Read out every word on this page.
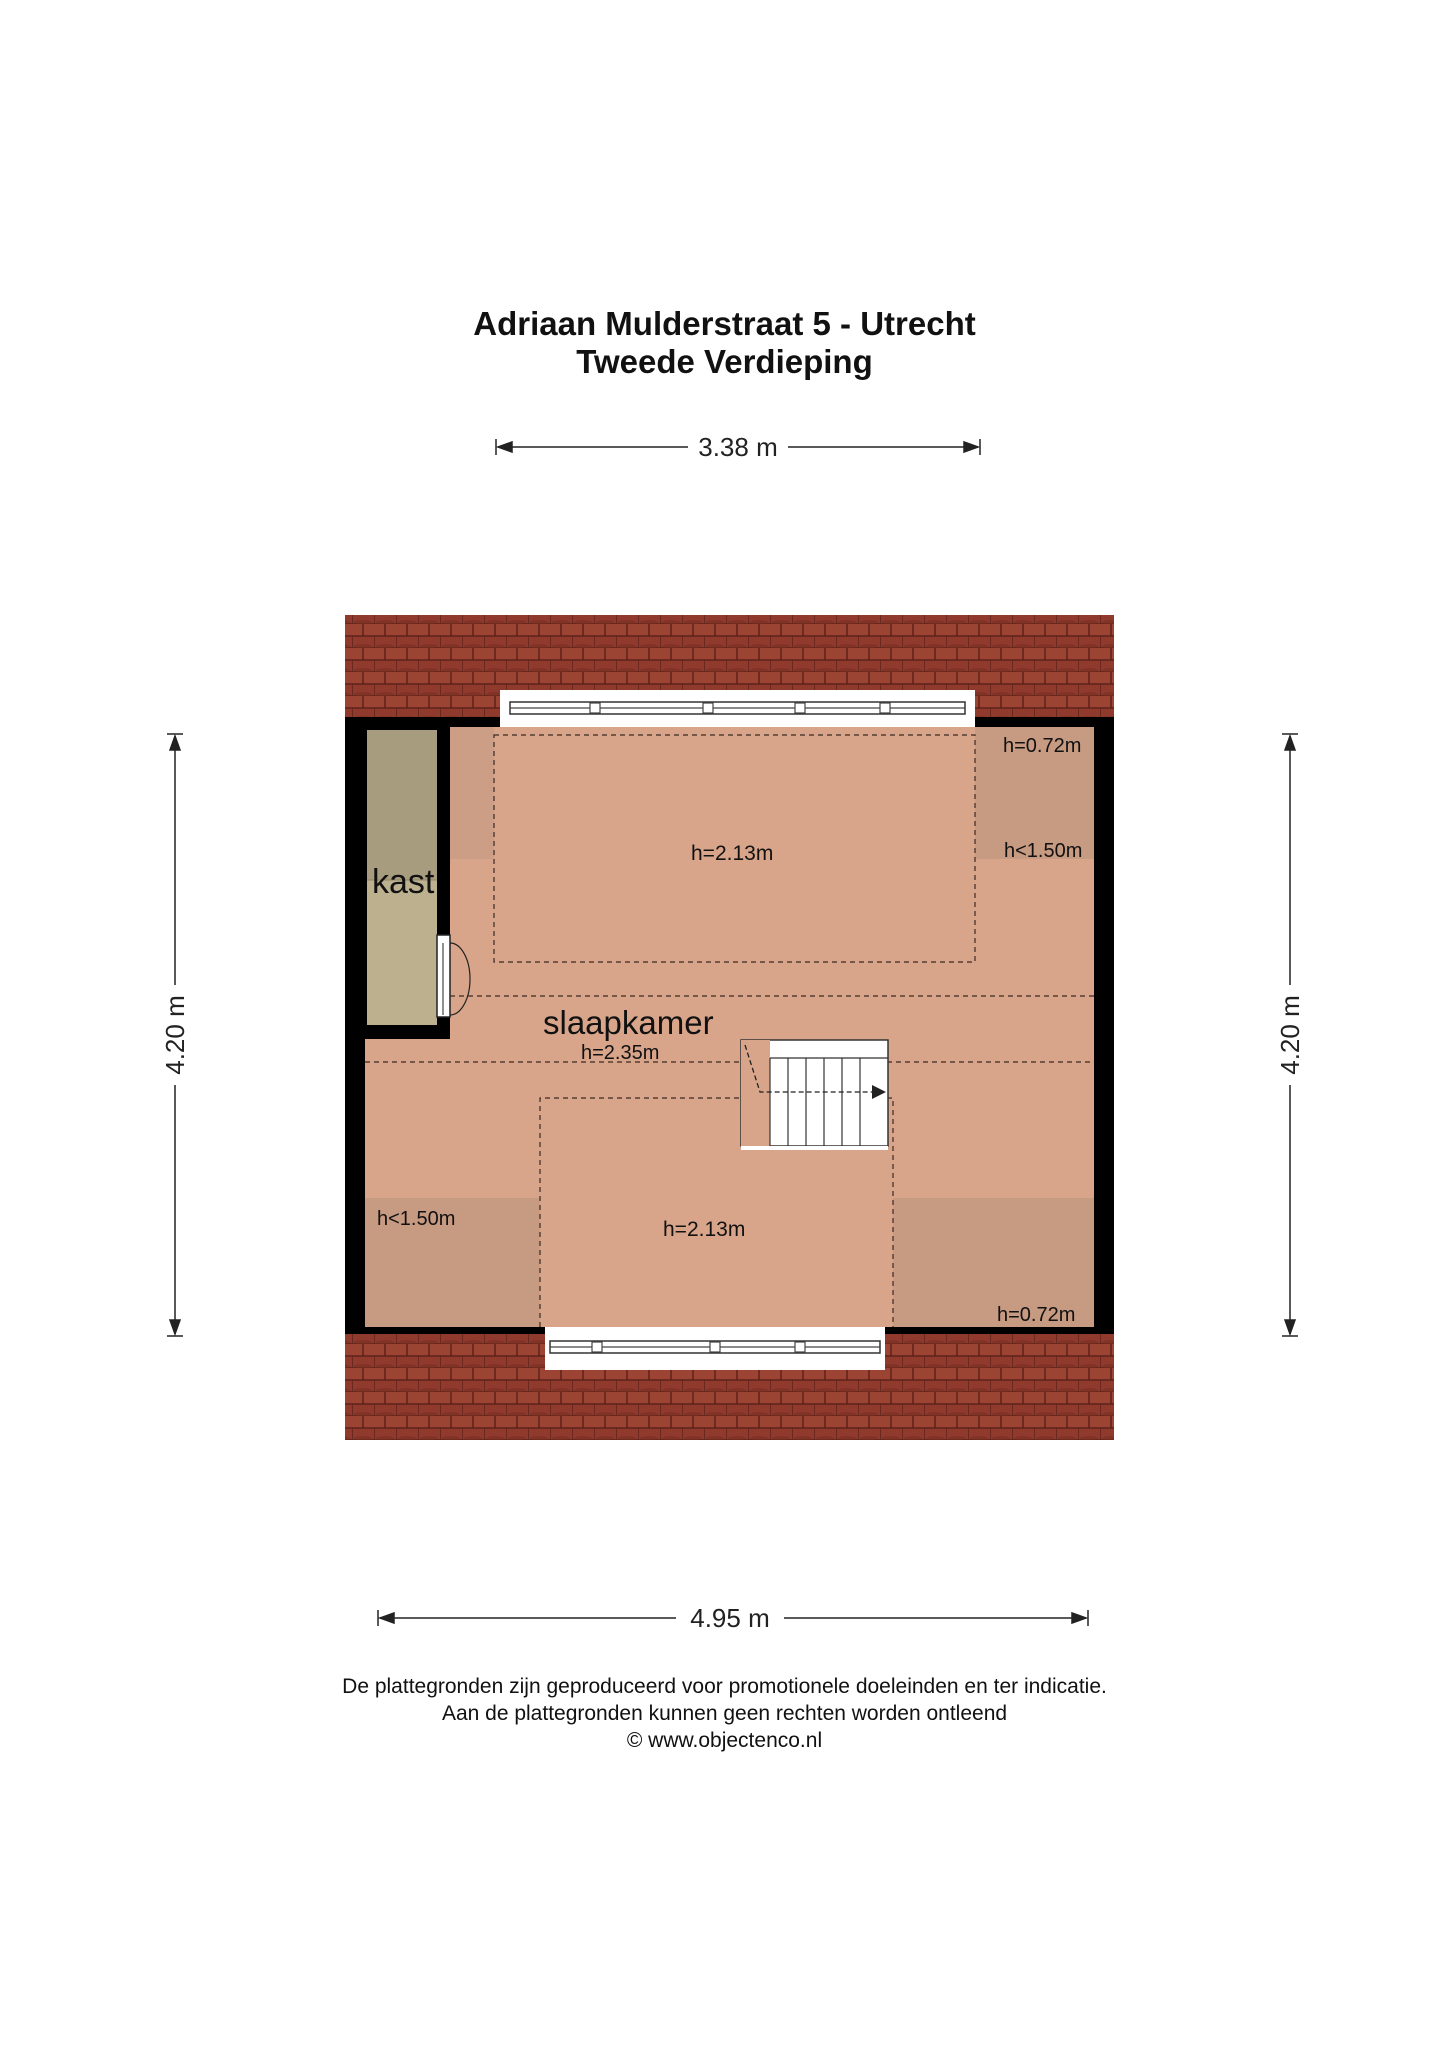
Adriaan Mulderstraat 5 - Utrecht
Tweede Verdieping
3.38 m
4.95 m
4.20 m	4.20 m
kast
slaapkamer
h=2.35m
h=2.13m
h=2.13m
h=0.72m
h<1.50m
h<1.50m
h=0.72m
De plattegronden zijn geproduceerd voor promotionele doeleinden en ter indicatie.
Aan de plattegronden kunnen geen rechten worden ontleend
© www.objectenco.nl
